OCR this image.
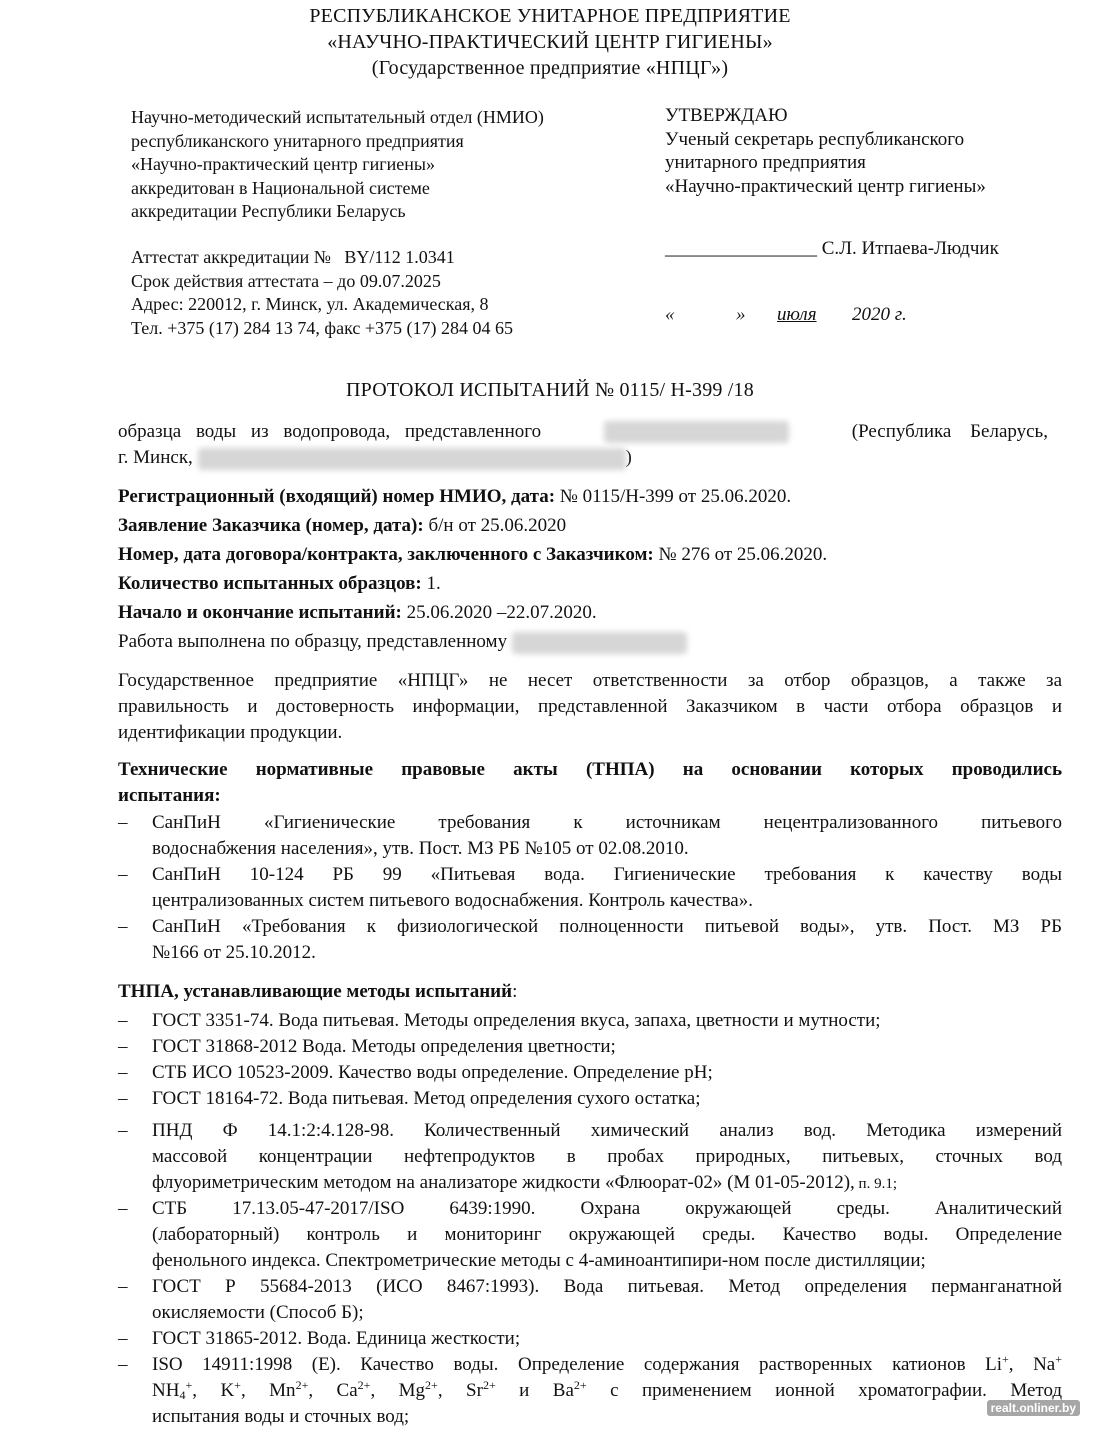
РЕСПУБЛИКАНСКОЕ УНИТАРНОЕ ПРЕДПРИЯТИЕ
«НАУЧНО-ПРАКТИЧЕСКИЙ ЦЕНТР ГИГИЕНЫ»
(Государственное предприятие «НПЦГ»)
Научно-методический испытательный отдел (НМИО)
республиканского унитарного предприятия
«Научно-практический центр гигиены»
аккредитован в Национальной системе
аккредитации Республики Беларусь
Аттестат аккредитации № BY/112 1.0341
Срок действия аттестата – до 09.07.2025
Адрес: 220012, г. Минск, ул. Академическая, 8
Тел. +375 (17) 284 13 74, факс +375 (17) 284 04 65
УТВЕРЖДАЮ
Ученый секретарь республиканского
унитарного предприятия
«Научно-практический центр гигиены»
________________ С.Л. Итпаева-Людчик
«	» июля 2020 г.
ПРОТОКОЛ ИСПЫТАНИЙ № 0115/ Н-399 /18
образца воды из водопровода, представленного	(Республика Беларусь,
г. Минск,	)
Регистрационный (входящий) номер НМИО, дата: № 0115/Н-399 от 25.06.2020.
Заявление Заказчика (номер, дата): б/н от 25.06.2020
Номер, дата договора/контракта, заключенного с Заказчиком: № 276 от 25.06.2020.
Количество испытанных образцов: 1.
Начало и окончание испытаний: 25.06.2020 –22.07.2020.
Работа выполнена по образцу, представленному
Государственное предприятие «НПЦГ» не несет ответственности за отбор образцов, а также за
правильность и достоверность информации, представленной Заказчиком в части отбора образцов и
идентификации продукции.
Технические нормативные правовые акты (ТНПА) на основании которых проводились
испытания:
– СанПиН «Гигиенические требования к источникам нецентрализованного питьевого
водоснабжения населения», утв. Пост. МЗ РБ №105 от 02.08.2010.
– СанПиН 10-124 РБ 99 «Питьевая вода. Гигиенические требования к качеству воды
централизованных систем питьевого водоснабжения. Контроль качества».
– СанПиН «Требования к физиологической полноценности питьевой воды», утв. Пост. МЗ РБ
№166 от 25.10.2012.
ТНПА, устанавливающие методы испытаний:
– ГОСТ 3351-74. Вода питьевая. Методы определения вкуса, запаха, цветности и мутности;
– ГОСТ 31868-2012 Вода. Методы определения цветности;
– СТБ ИСО 10523-2009. Качество воды определение. Определение pH;
– ГОСТ 18164-72. Вода питьевая. Метод определения сухого остатка;
– ПНД Ф 14.1:2:4.128-98. Количественный химический анализ вод. Методика измерений
массовой концентрации нефтепродуктов в пробах природных, питьевых, сточных вод
флуориметрическим методом на анализаторе жидкости «Флюорат-02» (М 01-05-2012), п. 9.1;
– СТБ 17.13.05-47-2017/ISO 6439:1990. Охрана окружающей среды. Аналитический
(лабораторный) контроль и мониторинг окружающей среды. Качество воды. Определение
фенольного индекса. Спектрометрические методы с 4-аминоантипири-ном после дистилляции;
– ГОСТ Р 55684-2013 (ИСО 8467:1993). Вода питьевая. Метод определения перманганатной
окисляемости (Способ Б);
– ГОСТ 31865-2012. Вода. Единица жесткости;
– ISO 14911:1998 (E). Качество воды. Определение содержания растворенных катионов Li+, Na+
$NH_4^+$, K+, $Mn^{2+}$, $Ca^{2+}$, $Mg^{2+}$, $Sr^{2+}$ и $Ba^{2+}$ с применением ионной хроматографии. Метод
испытания воды и сточных вод;	realt.onliner.by
